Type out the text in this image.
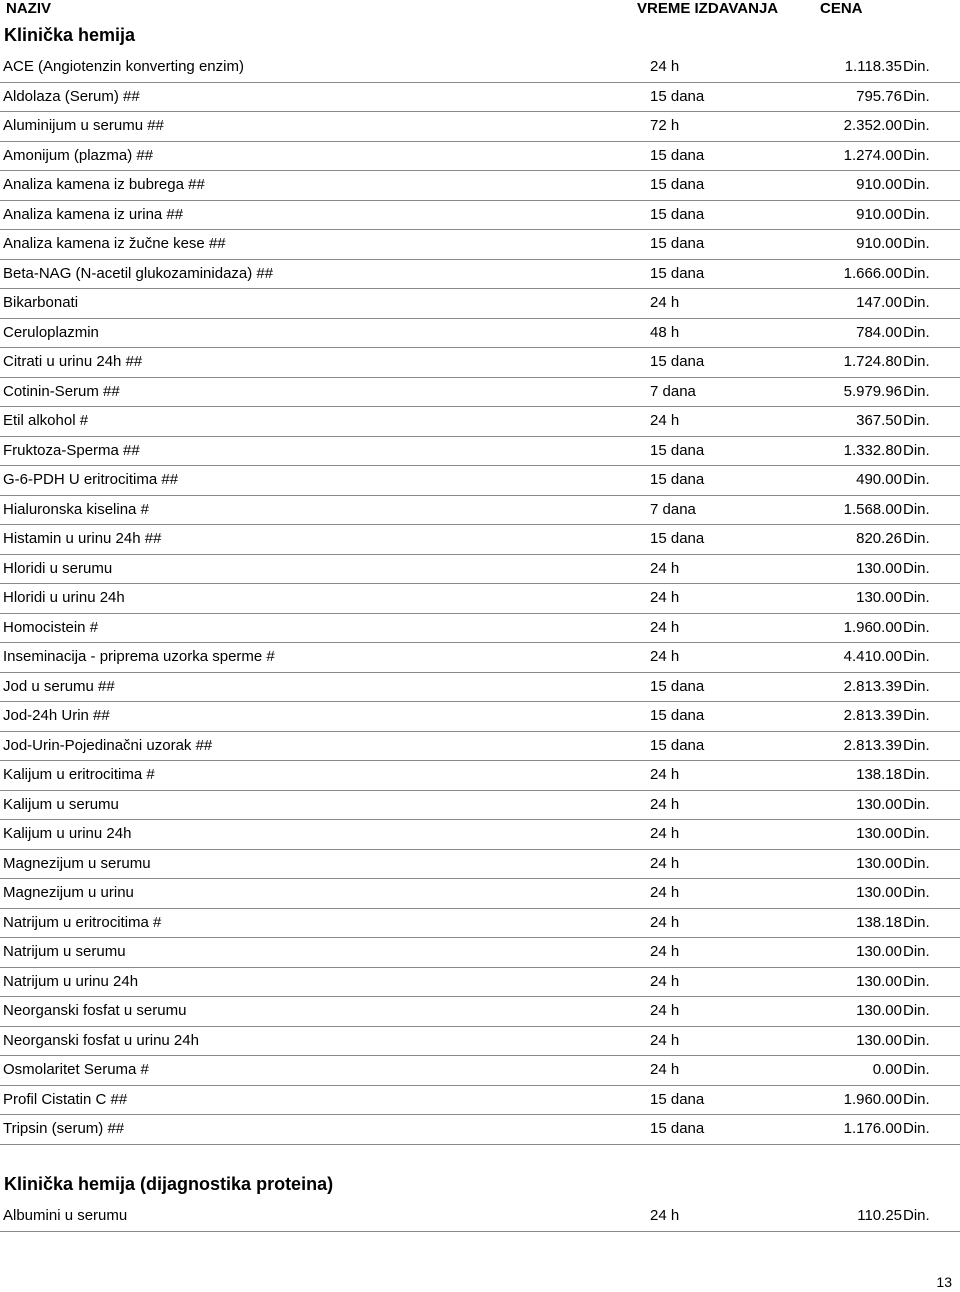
NAZIV	VREME IZDAVANJA	CENA
Klinička hemija
ACE (Angiotenzin konverting enzim)	24 h	1.118.35 Din.
Aldolaza (Serum) ##	15 dana	795.76 Din.
Aluminijum u serumu ##	72 h	2.352.00 Din.
Amonijum (plazma) ##	15 dana	1.274.00 Din.
Analiza kamena iz bubrega ##	15 dana	910.00 Din.
Analiza kamena iz urina ##	15 dana	910.00 Din.
Analiza kamena iz žučne kese ##	15 dana	910.00 Din.
Beta-NAG (N-acetil glukozaminidaza) ##	15 dana	1.666.00 Din.
Bikarbonati	24 h	147.00 Din.
Ceruloplazmin	48 h	784.00 Din.
Citrati u urinu 24h ##	15 dana	1.724.80 Din.
Cotinin-Serum ##	7 dana	5.979.96 Din.
Etil alkohol #	24 h	367.50 Din.
Fruktoza-Sperma ##	15 dana	1.332.80 Din.
G-6-PDH U eritrocitima ##	15 dana	490.00 Din.
Hialuronska kiselina #	7 dana	1.568.00 Din.
Histamin u urinu 24h ##	15 dana	820.26 Din.
Hloridi u serumu	24 h	130.00 Din.
Hloridi u urinu 24h	24 h	130.00 Din.
Homocistein #	24 h	1.960.00 Din.
Inseminacija - priprema uzorka sperme #	24 h	4.410.00 Din.
Jod u serumu ##	15 dana	2.813.39 Din.
Jod-24h Urin ##	15 dana	2.813.39 Din.
Jod-Urin-Pojedinačni uzorak ##	15 dana	2.813.39 Din.
Kalijum u eritrocitima #	24 h	138.18 Din.
Kalijum u serumu	24 h	130.00 Din.
Kalijum u urinu 24h	24 h	130.00 Din.
Magnezijum u serumu	24 h	130.00 Din.
Magnezijum u urinu	24 h	130.00 Din.
Natrijum u eritrocitima #	24 h	138.18 Din.
Natrijum u serumu	24 h	130.00 Din.
Natrijum u urinu 24h	24 h	130.00 Din.
Neorganski fosfat u serumu	24 h	130.00 Din.
Neorganski fosfat u urinu 24h	24 h	130.00 Din.
Osmolaritet Seruma #	24 h	0.00 Din.
Profil Cistatin C ##	15 dana	1.960.00 Din.
Tripsin (serum) ##	15 dana	1.176.00 Din.
Klinička hemija (dijagnostika proteina)
Albumini u serumu	24 h	110.25 Din.
13
